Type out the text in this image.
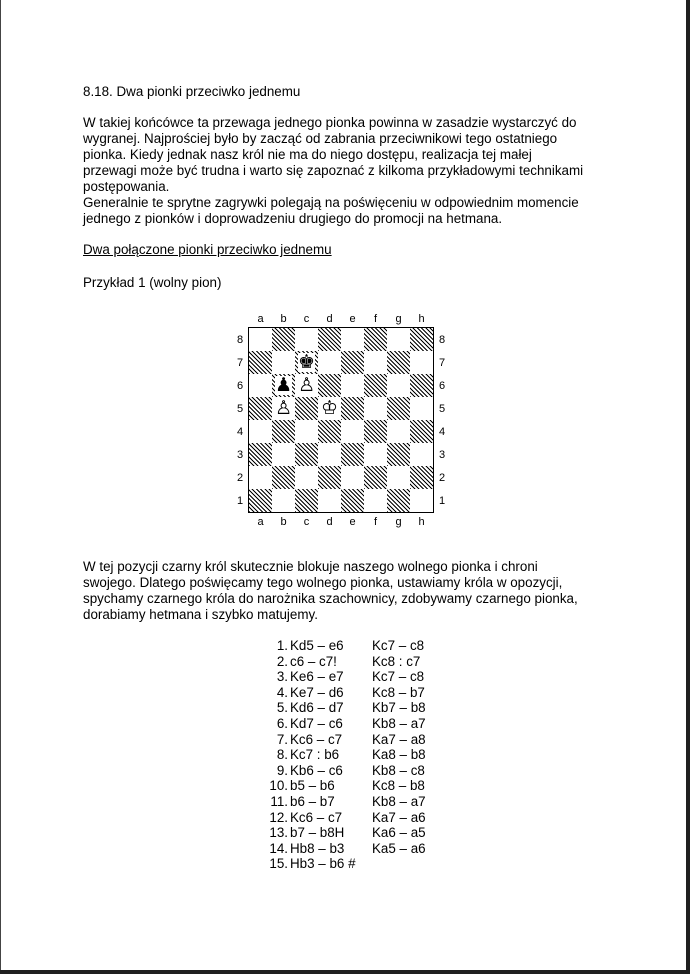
8.18. Dwa pionki przeciwko jednemu
W takiej końcówce ta przewaga jednego pionka powinna w zasadzie wystarczyć do
wygranej. Najprościej było by zacząć od zabrania przeciwnikowi tego ostatniego
pionka. Kiedy jednak nasz król nie ma do niego dostępu, realizacja tej małej
przewagi może być trudna i warto się zapoznać z kilkoma przykładowymi technikami
postępowania.
Generalnie te sprytne zagrywki polegają na poświęceniu w odpowiednim momencie
jednego z pionków i doprowadzeniu drugiego do promocji na hetmana.
Dwa połączone pionki przeciwko jednemu
Przykład 1 (wolny pion)
♚
♟ ♙
♙ ♔
a
a
b
b
c
c
d
d
e
e
f
f
g
g
h
h
8	8
7	7
6	6
5	5
4	4
3	3
2	2
1	1
W tej pozycji czarny król skutecznie blokuje naszego wolnego pionka i chroni
swojego. Dlatego poświęcamy tego wolnego pionka, ustawiamy króla w opozycji,
spychamy czarnego króla do narożnika szachownicy, zdobywamy czarnego pionka,
dorabiamy hetmana i szybko matujemy.
1. Kd5 – e6 Kc7 – c8
2. c6 – c7!	Kc8 : c7
3. Ke6 – e7 Kc7 – c8
4. Ke7 – d6 Kc8 – b7
5. Kd6 – d7 Kb7 – b8
6. Kd7 – c6 Kb8 – a7
7. Kc6 – c7 Ka7 – a8
8. Kc7 : b6 Ka8 – b8
9. Kb6 – c6 Kb8 – c8
10. b5 – b6	Kc8 – b8
11. b6 – b7	Kb8 – a7
12. Kc6 – c7 Ka7 – a6
13. b7 – b8H Ka6 – a5
14. Hb8 – b3 Ka5 – a6
15. Hb3 – b6 #
